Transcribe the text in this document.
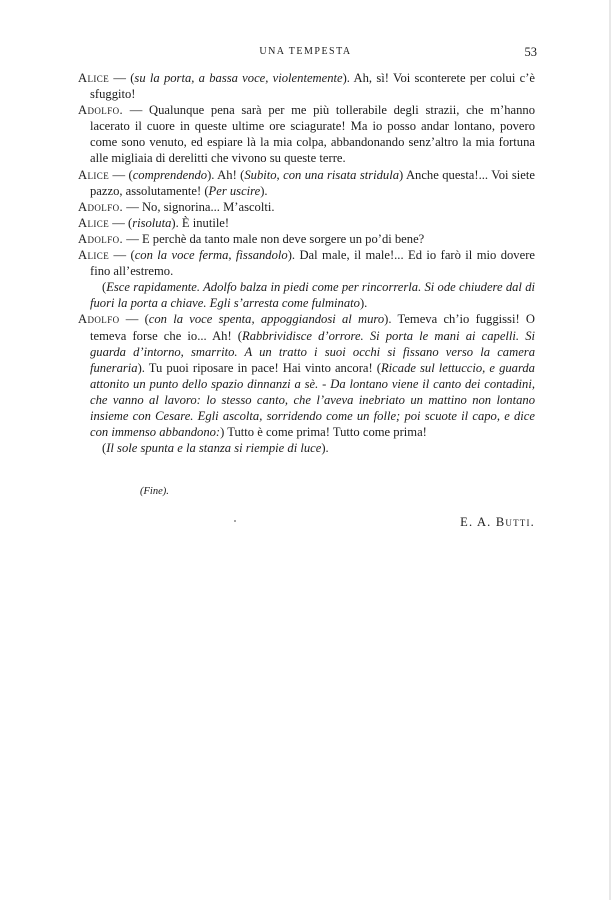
UNA TEMPESTA	53

Alice — (su la porta, a bassa voce, violentemente). Ah, sì! Voi sconterete per colui c’è sfuggito!

Adolfo. — Qualunque pena sarà per me più tollerabile degli strazii, che m’hanno lacerato il cuore in queste ultime ore sciagurate! Ma io posso andar lontano, povero come sono venuto, ed espiare là la mia colpa, abbandonando senz’altro la mia fortuna alle migliaia di derelitti che vivono su queste terre.

Alice — (comprendendo). Ah! (Subito, con una risata stridula) Anche questa!... Voi siete pazzo, assolutamente! (Per uscire).

Adolfo. — No, signorina... M’ascolti.

Alice — (risoluta). È inutile!

Adolfo. — E perchè da tanto male non deve sorgere un po’di bene?

Alice — (con la voce ferma, fissandolo). Dal male, il male!... Ed io farò il mio dovere fino all’estremo.

(Esce rapidamente. Adolfo balza in piedi come per rincorrerla. Si ode chiudere dal di fuori la porta a chiave. Egli s’arresta come fulminato).

Adolfo — (con la voce spenta, appoggiandosi al muro). Temeva ch’io fuggissi! O temeva forse che io... Ah! (Rabbrividisce d’orrore. Si porta le mani ai capelli. Si guarda d’intorno, smarrito. A un tratto i suoi occhi si fissano verso la camera funeraria). Tu puoi riposare in pace! Hai vinto ancora! (Ricade sul lettuccio, e guarda attonito un punto dello spazio dinnanzi a sè. - Da lontano viene il canto dei contadini, che vanno al lavoro: lo stesso canto, che l’aveva inebriato un mattino non lontano insieme con Cesare. Egli ascolta, sorridendo come un folle; poi scuote il capo, e dice con immenso abbandono:) Tutto è come prima! Tutto come prima!

(Il sole spunta e la stanza si riempie di luce).

(Fine).
E. A. Butti.
